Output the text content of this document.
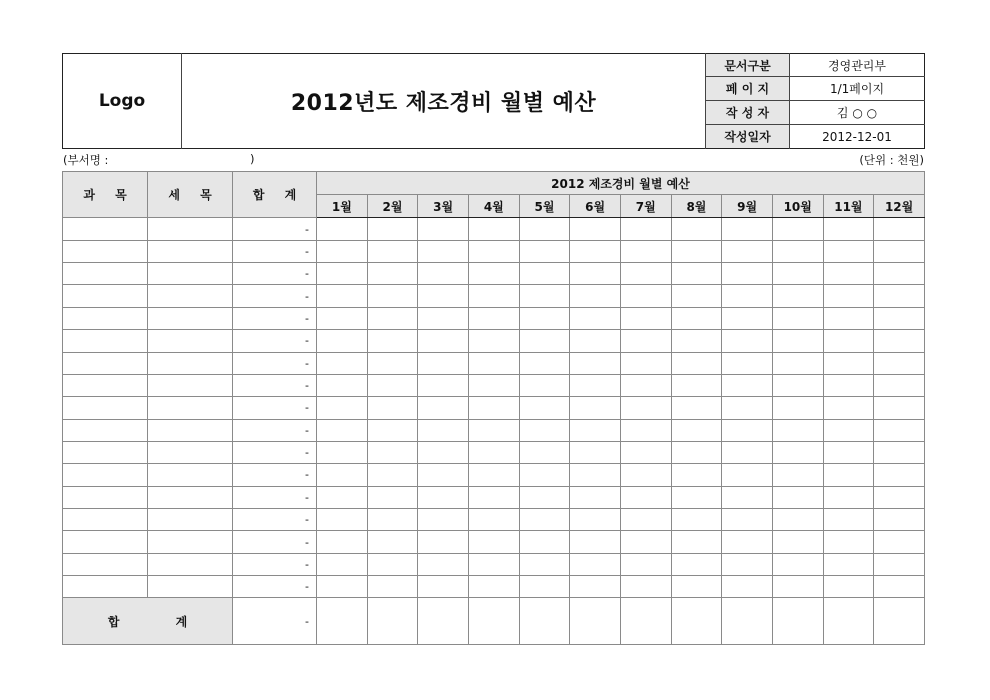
Logo	2012년도 제조경비 월별 예산	문서구분	경영관리부
		페 이 지	1/1페이지
		작 성 자	김 ○ ○
		작성일자	2012-12-01
(부서명 :	)	(단위 : 천원)
과 목	세 목	합 계	2012 제조경비 월별 예산											
			1월	2월	3월	4월	5월	6월	7월	8월	9월	10월	11월	12월
		-												
		-												
		-												
		-												
		-												
		-												
		-												
		-												
		-												
		-												
		-												
		-												
		-												
		-												
		-												
		-												
		-												
합 계		-												
